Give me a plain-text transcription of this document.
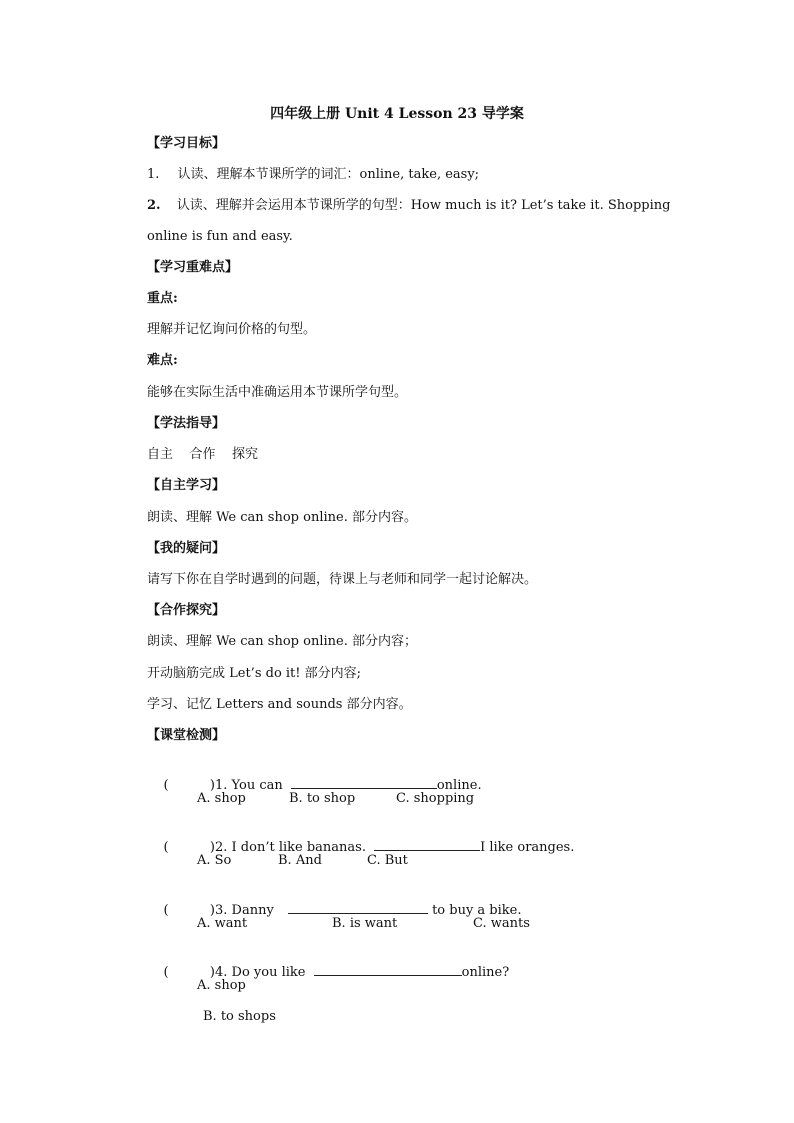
四年级上册 Unit 4 Lesson 23 导学案
【学习目标】
1. 认读、理解本节课所学的词汇：online, take, easy;
2. 认读、理解并会运用本节课所学的句型：How much is it? Let’s take it. Shopping
online is fun and easy.
【学习重难点】
重点:
理解并记忆询问价格的句型。
难点:
能够在实际生活中准确运用本节课所学句型。
【学法指导】
自主    合作    探究
【自主学习】
朗读、理解 We can shop online. 部分内容。
【我的疑问】
请写下你在自学时遇到的问题，待课上与老师和同学一起讨论解决。
【合作探究】
朗读、理解 We can shop online. 部分内容；
开动脑筋完成 Let’s do it! 部分内容;
学习、记忆 Letters and sounds 部分内容。
【课堂检测】

(          )1. You can	online.

A. shop	B. to shop	C. shopping

(          )2. I don’t like bananas.	I like oranges.

A. So	B. And	C. But

(          )3. Danny	to buy a bike.

A. want	B. is want	C. wants

(          )4. Do you like	online?

A. shop
B. to shops
